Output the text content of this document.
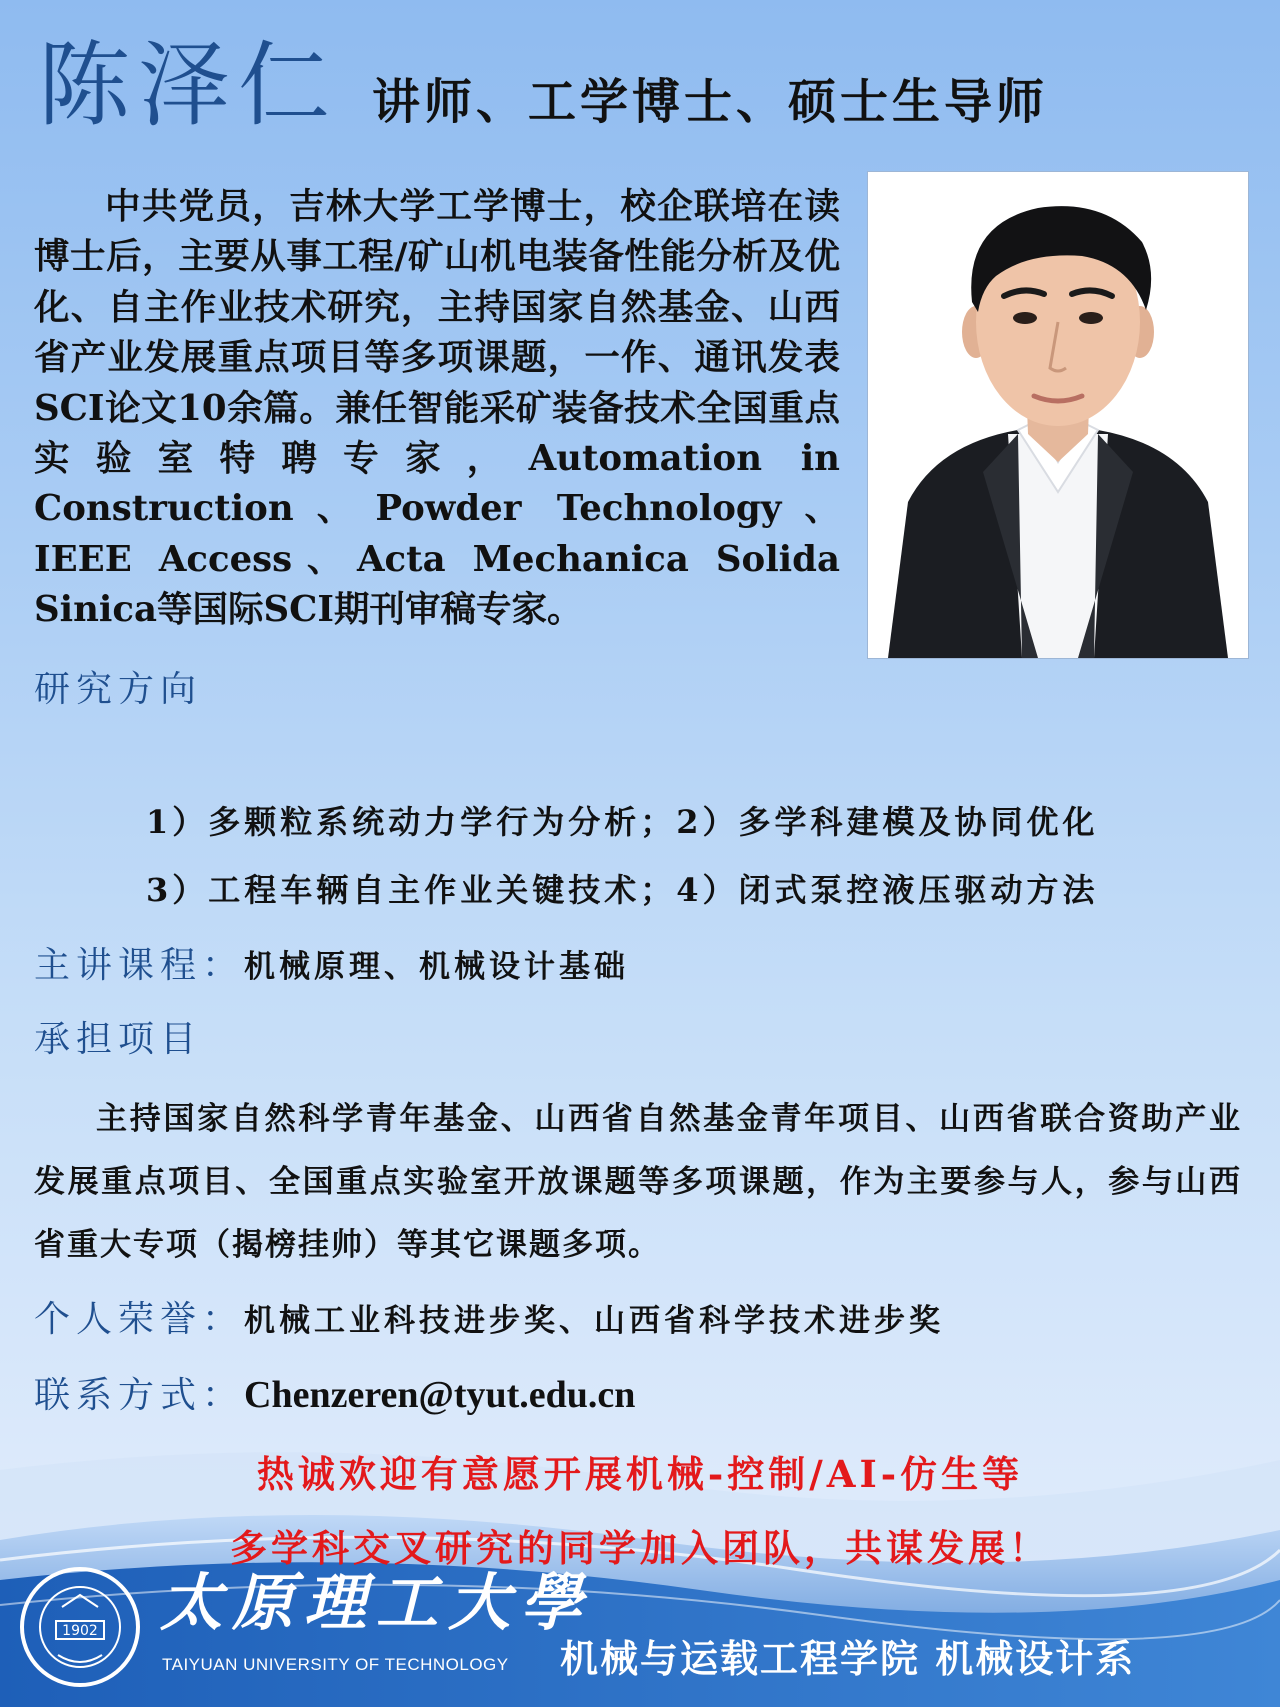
陈泽仁 讲师、工学博士、硕士生导师

中共党员，吉林大学工学博士，校企联培在读博士后，主要从事工程/矿山机电装备性能分析及优化、自主作业技术研究，主持国家自然基金、山西省产业发展重点项目等多项课题，一作、通讯发表SCI论文10余篇。兼任智能采矿装备技术全国重点实验室特聘专家，Automation in Construction、Powder Technology、IEEE Access、Acta Mechanica Solida Sinica等国际SCI期刊审稿专家。

研究方向
1）多颗粒系统动力学行为分析；2）多学科建模及协同优化
3）工程车辆自主作业关键技术；4）闭式泵控液压驱动方法
主讲课程：机械原理、机械设计基础
承担项目

主持国家自然科学青年基金、山西省自然基金青年项目、山西省联合资助产业发展重点项目、全国重点实验室开放课题等多项课题，作为主要参与人，参与山西省重大专项（揭榜挂帅）等其它课题多项。

个人荣誉：机械工业科技进步奖、山西省科学技术进步奖
联系方式：Chenzeren@tyut.edu.cn
热诚欢迎有意愿开展机械-控制/AI-仿生等
多学科交叉研究的同学加入团队，共谋发展！
1902 太原理工大學
TAIYUAN UNIVERSITY OF TECHNOLOGY 机械与运载工程学院 机械设计系
